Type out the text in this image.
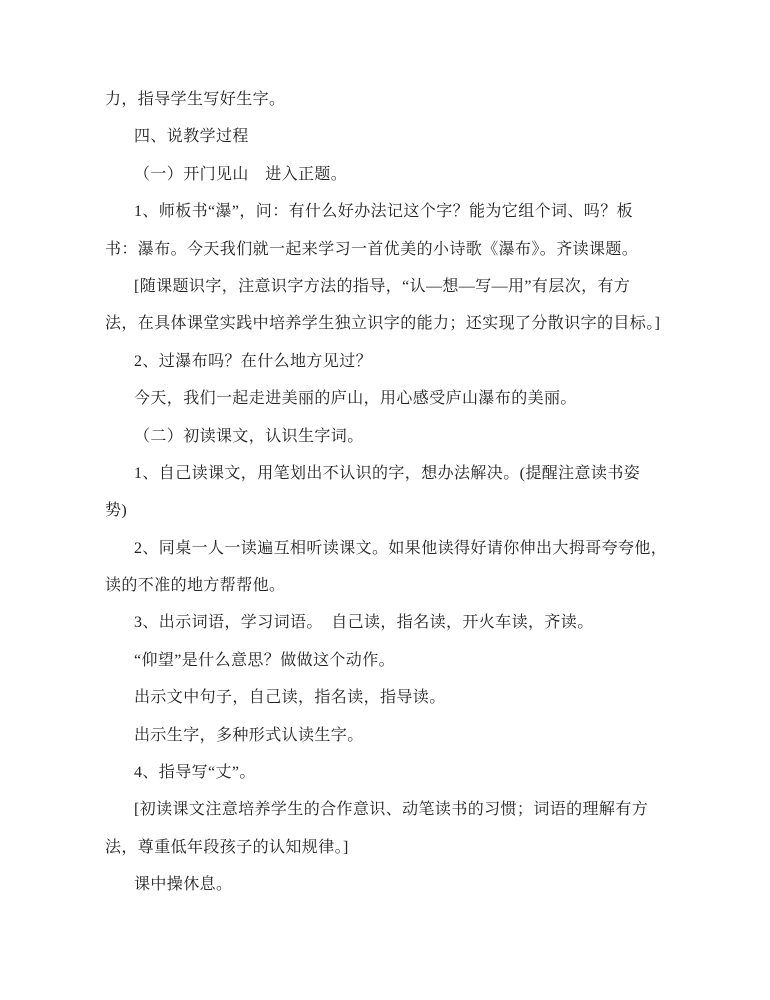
力，指导学生写好生字。
四、说教学过程
（一）开门见山　进入正题。
1、师板书“瀑”，问：有什么好办法记这个字？能为它组个词、吗？板
书：瀑布。今天我们就一起来学习一首优美的小诗歌《瀑布》。齐读课题。
[随课题识字，注意识字方法的指导，“认—想—写—用”有层次，有方
法，在具体课堂实践中培养学生独立识字的能力；还实现了分散识字的目标。]
2、过瀑布吗？在什么地方见过？
今天，我们一起走进美丽的庐山，用心感受庐山瀑布的美丽。
（二）初读课文，认识生字词。
1、自己读课文，用笔划出不认识的字，想办法解决。(提醒注意读书姿
势)
2、同桌一人一读遍互相听读课文。如果他读得好请你伸出大拇哥夸夸他，
读的不准的地方帮帮他。
3、出示词语，学习词语。　自己读，指名读，开火车读，齐读。
“仰望”是什么意思？做做这个动作。
出示文中句子，自己读，指名读，指导读。
出示生字，多种形式认读生字。
4、指导写“丈”。
[初读课文注意培养学生的合作意识、动笔读书的习惯；词语的理解有方
法，尊重低年段孩子的认知规律。]
课中操休息。
